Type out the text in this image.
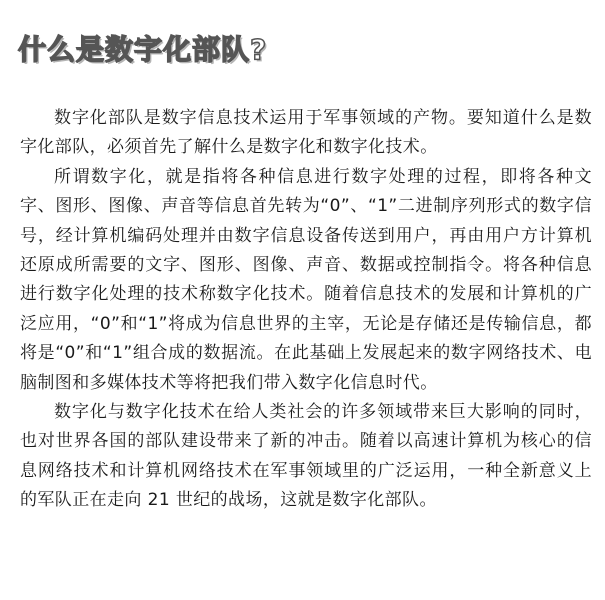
什么是数字化部队?

数字化部队是数字信息技术运用于军事领域的产物。要知道什么是数字化部队，必须首先了解什么是数字化和数字化技术。

所谓数字化，就是指将各种信息进行数字处理的过程，即将各种文字、图形、图像、声音等信息首先转为“0”、“1”二进制序列形式的数字信号，经计算机编码处理并由数字信息设备传送到用户，再由用户方计算机还原成所需要的文字、图形、图像、声音、数据或控制指令。将各种信息进行数字化处理的技术称数字化技术。随着信息技术的发展和计算机的广泛应用，“0”和“1”将成为信息世界的主宰，无论是存储还是传输信息，都将是“0”和“1”组合成的数据流。在此基础上发展起来的数字网络技术、电脑制图和多媒体技术等将把我们带入数字化信息时代。

数字化与数字化技术在给人类社会的许多领域带来巨大影响的同时，也对世界各国的部队建设带来了新的冲击。随着以高速计算机为核心的信息网络技术和计算机网络技术在军事领域里的广泛运用，一种全新意义上的军队正在走向 21 世纪的战场，这就是数字化部队。
